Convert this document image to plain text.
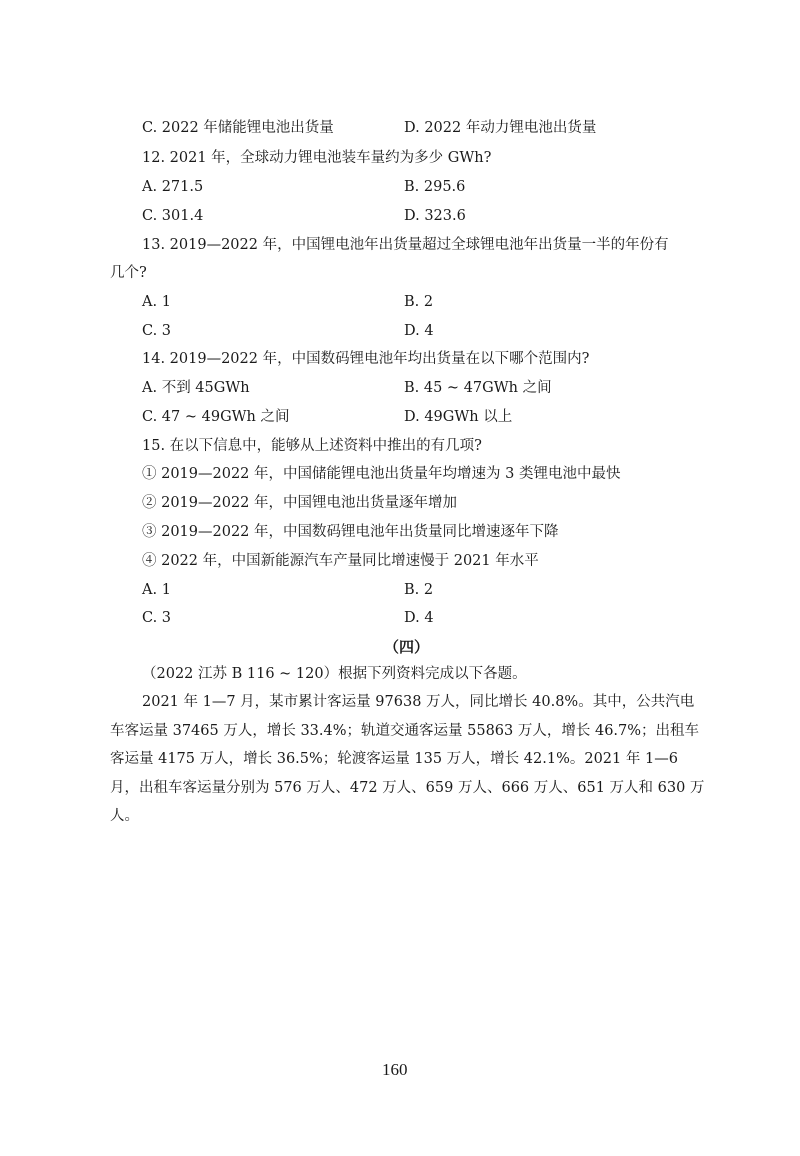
C. 2022 年储能锂电池出货量	D. 2022 年动力锂电池出货量
12. 2021 年，全球动力锂电池装车量约为多少 GWh?
A. 271.5	B. 295.6
C. 301.4	D. 323.6
13. 2019—2022 年，中国锂电池年出货量超过全球锂电池年出货量一半的年份有
几个?
A. 1	B. 2
C. 3	D. 4
14. 2019—2022 年，中国数码锂电池年均出货量在以下哪个范围内?
A. 不到 45GWh	B. 45 ~ 47GWh 之间
C. 47 ~ 49GWh 之间	D. 49GWh 以上
15. 在以下信息中，能够从上述资料中推出的有几项?
① 2019—2022 年，中国储能锂电池出货量年均增速为 3 类锂电池中最快
② 2019—2022 年，中国锂电池出货量逐年增加
③ 2019—2022 年，中国数码锂电池年出货量同比增速逐年下降
④ 2022 年，中国新能源汽车产量同比增速慢于 2021 年水平
A. 1	B. 2
C. 3	D. 4
（四）
（2022 江苏 B 116 ~ 120）根据下列资料完成以下各题。
2021 年 1—7 月，某市累计客运量 97638 万人，同比增长 40.8%。其中，公共汽电车客运量 37465 万人，增长 33.4%；轨道交通客运量 55863 万人，增长 46.7%；出租车客运量 4175 万人，增长 36.5%；轮渡客运量 135 万人，增长 42.1%。2021 年 1—6 月，出租车客运量分别为 576 万人、472 万人、659 万人、666 万人、651 万人和 630 万人。
160
